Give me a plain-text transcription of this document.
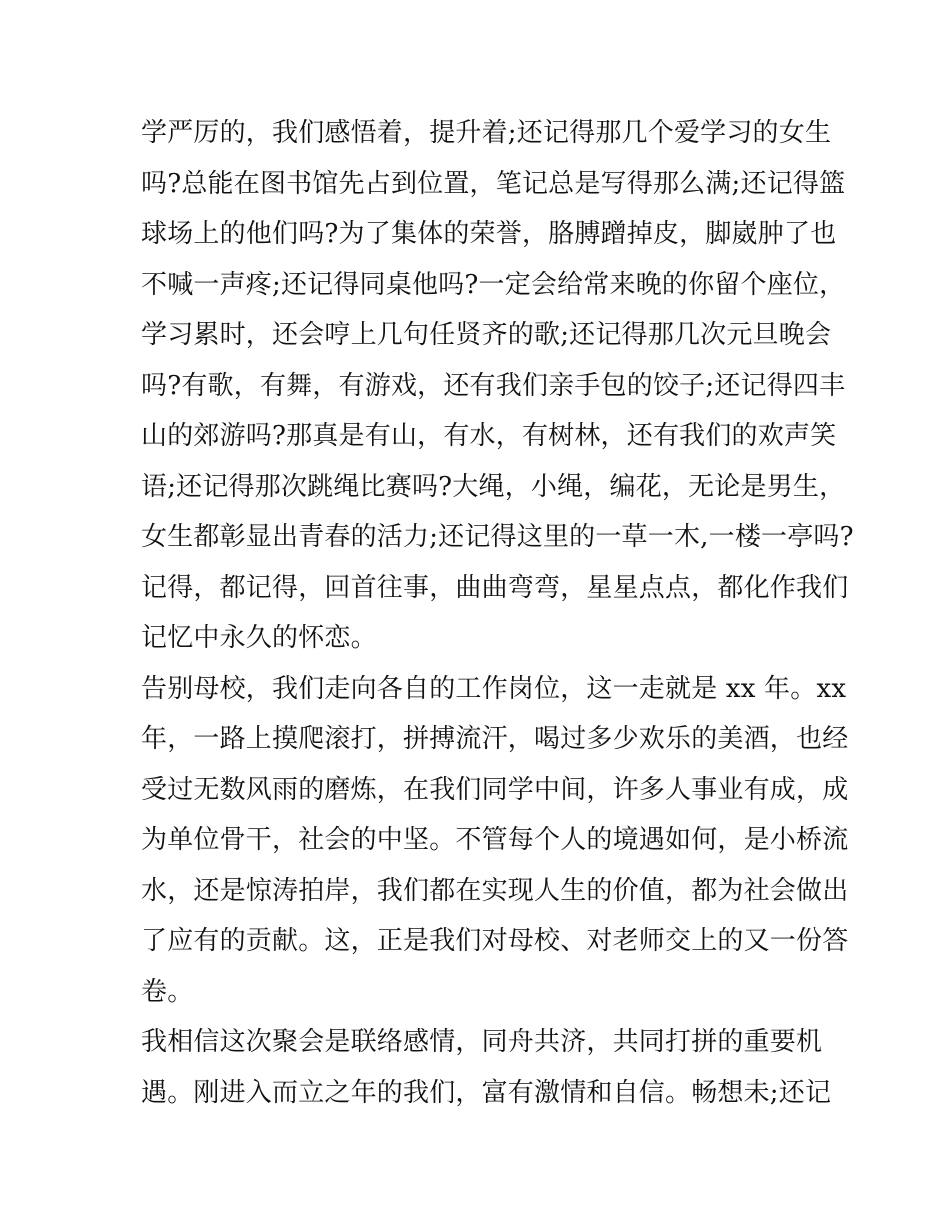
学严厉的，我们感悟着，提升着;还记得那几个爱学习的女生
吗?总能在图书馆先占到位置，笔记总是写得那么满;还记得篮
球场上的他们吗?为了集体的荣誉，胳膊蹭掉皮，脚崴肿了也
不喊一声疼;还记得同桌他吗?一定会给常来晚的你留个座位，
学习累时，还会哼上几句任贤齐的歌;还记得那几次元旦晚会
吗?有歌，有舞，有游戏，还有我们亲手包的饺子;还记得四丰
山的郊游吗?那真是有山，有水，有树林，还有我们的欢声笑
语;还记得那次跳绳比赛吗?大绳，小绳，编花，无论是男生，
女生都彰显出青春的活力;还记得这里的一草一木,一楼一亭吗?
记得，都记得，回首往事，曲曲弯弯，星星点点，都化作我们
记忆中永久的怀恋。
告别母校，我们走向各自的工作岗位，这一走就是 xx 年。xx
年，一路上摸爬滚打，拼搏流汗，喝过多少欢乐的美酒，也经
受过无数风雨的磨炼，在我们同学中间，许多人事业有成，成
为单位骨干，社会的中坚。不管每个人的境遇如何，是小桥流
水，还是惊涛拍岸，我们都在实现人生的价值，都为社会做出
了应有的贡献。这，正是我们对母校、对老师交上的又一份答
卷。
我相信这次聚会是联络感情，同舟共济，共同打拼的重要机
遇。刚进入而立之年的我们，富有激情和自信。畅想未;还记
